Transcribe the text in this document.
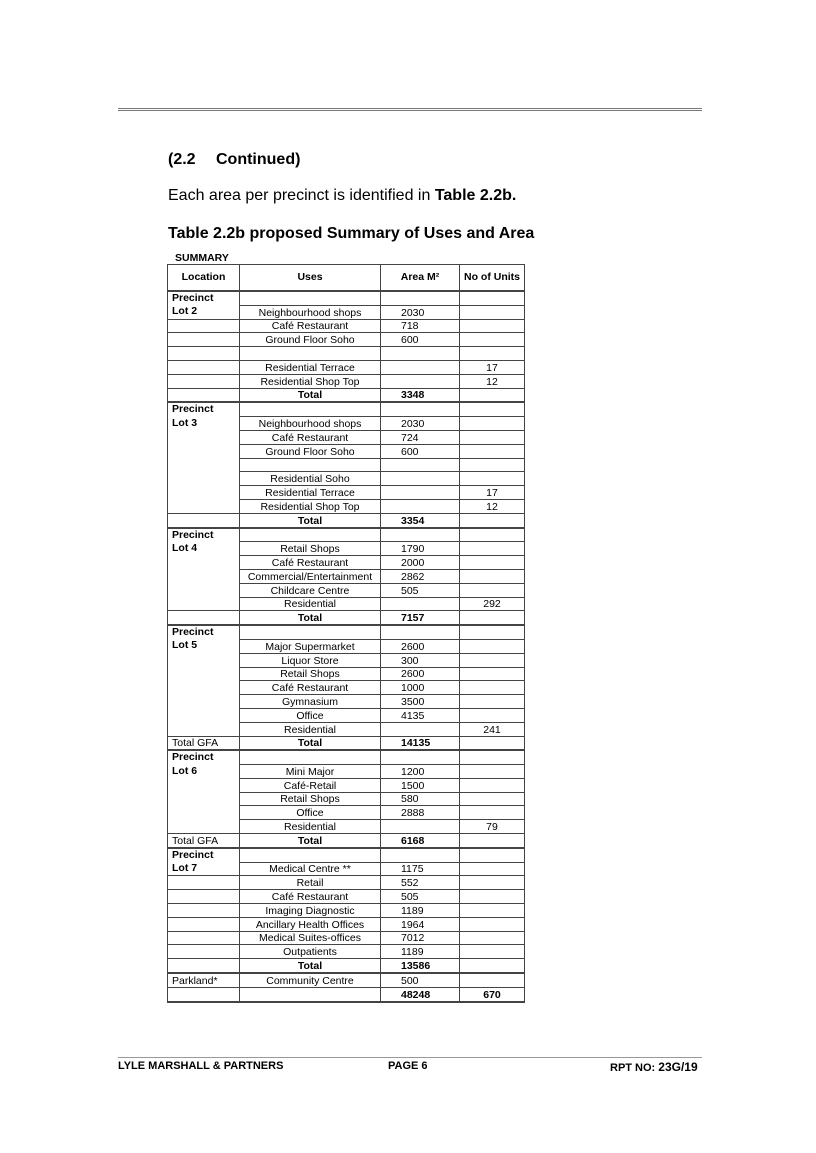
(2.2 Continued)
Each area per precinct is identified in Table 2.2b.
Table 2.2b proposed Summary of Uses and Area
SUMMARY
Location	Uses	Area M²	No of Units
Precinct			
Lot 2	Neighbourhood shops	2030	
	Café Restaurant	718	
	Ground Floor Soho	600	

	Residential Terrace		17
	Residential Shop Top		12
	Total	3348	
Precinct			
Lot 3	Neighbourhood shops	2030	
	Café Restaurant	724	
	Ground Floor Soho	600	

	Residential Soho		
	Residential Terrace		17
	Residential Shop Top		12
	Total	3354	
Precinct			
Lot 4	Retail Shops	1790	
	Café Restaurant	2000	
	Commercial/Entertainment	2862	
	Childcare Centre	505	
	Residential		292
	Total	7157	
Precinct			
Lot 5	Major Supermarket	2600	
	Liquor Store	300	
	Retail Shops	2600	
	Café Restaurant	1000	
	Gymnasium	3500	
	Office	4135	
	Residential		241
Total GFA	Total	14135	
Precinct			
Lot 6	Mini Major	1200	
	Café-Retail	1500	
	Retail Shops	580	
	Office	2888	
	Residential		79
Total GFA	Total	6168	
Precinct			
Lot 7	Medical Centre **	1175	
	Retail	552	
	Café Restaurant	505	
	Imaging Diagnostic	1189	
	Ancillary Health Offices	1964	
	Medical Suites-offices	7012	
	Outpatients	1189	
	Total	13586	
Parkland*	Community Centre	500	
		48248	670
LYLE MARSHALL & PARTNERS	PAGE 6	RPT NO: 23G/19
